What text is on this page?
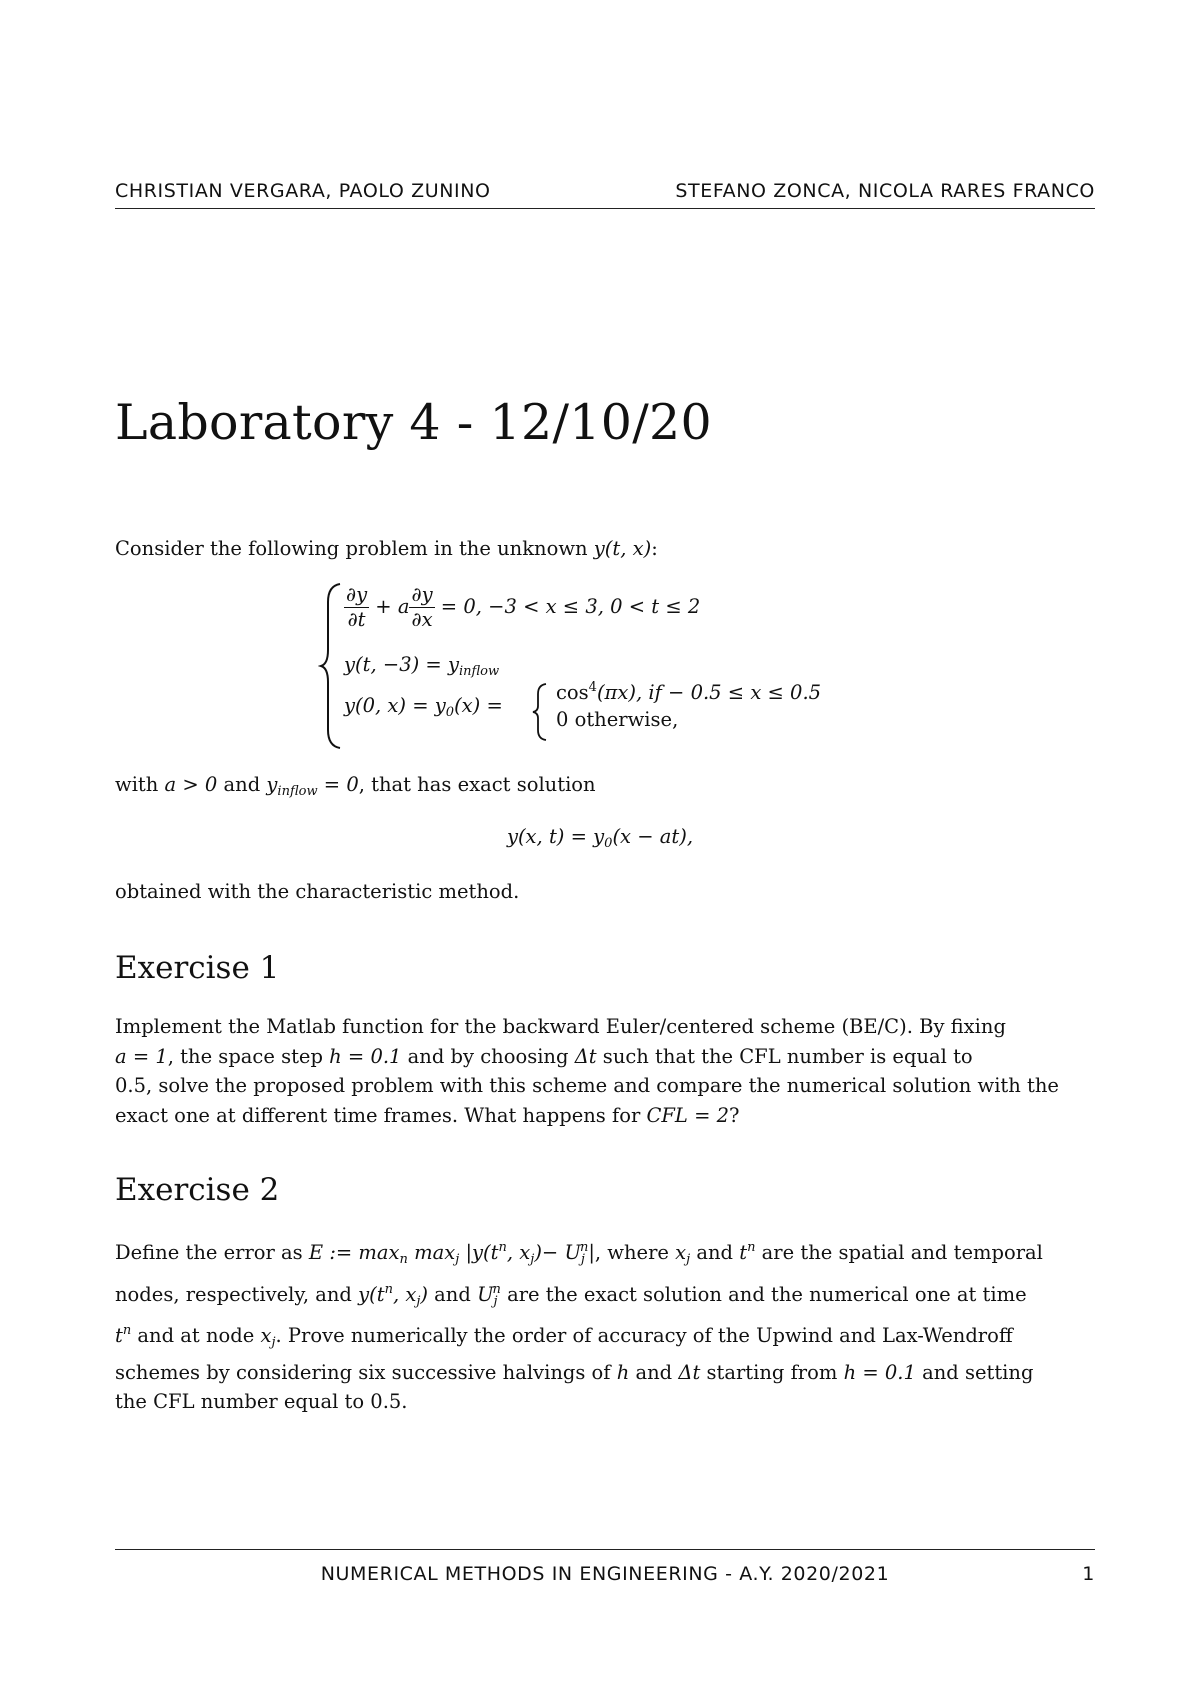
CHRISTIAN VERGARA, PAOLO ZUNINO	STEFANO ZONCA, NICOLA RARES FRANCO
Laboratory 4 - 12/10/20

Consider the following problem in the unknown y(t, x):

$\frac{\partial y}{\partial t} + a \frac{\partial y}{\partial x} = 0$, −3 < x ≤ 3, 0 < t ≤ 2
y(t, $-3) = y_{inflow}$
y(0, $x) = y_0(x)$ =
$\cos^4(\pi x)$, if − 0.5 ≤ x ≤ 0.5
0 otherwise,

with a > 0 and $y_{inflow} = 0$, that has exact solution

y(x, $t) = y_0(x - at)$,

obtained with the characteristic method.

Exercise 1
Implement the Matlab function for the backward Euler/centered scheme (BE/C). By fixing
a = 1, the space step h = 0.1 and by choosing Δt such that the CFL number is equal to
0.5, solve the proposed problem with this scheme and compare the numerical solution with the
exact one at different time frames. What happens for CFL = 2?
Exercise 2
Define the error as E := $\max_n \max_j |y(t^n$, $x_j)- U_j^n|$, where $x_j$ and $t^n$ are the spatial and temporal
nodes, respectively, and $y(t^n$, $x_j$) and $U_j^n$ are the exact solution and the numerical one at time
$t^n$ and at node $x_j$. Prove numerically the order of accuracy of the Upwind and Lax-Wendroff
schemes by considering six successive halvings of h and Δt starting from h = 0.1 and setting
the CFL number equal to 0.5.
NUMERICAL METHODS IN ENGINEERING - A.Y. 2020/2021	1
